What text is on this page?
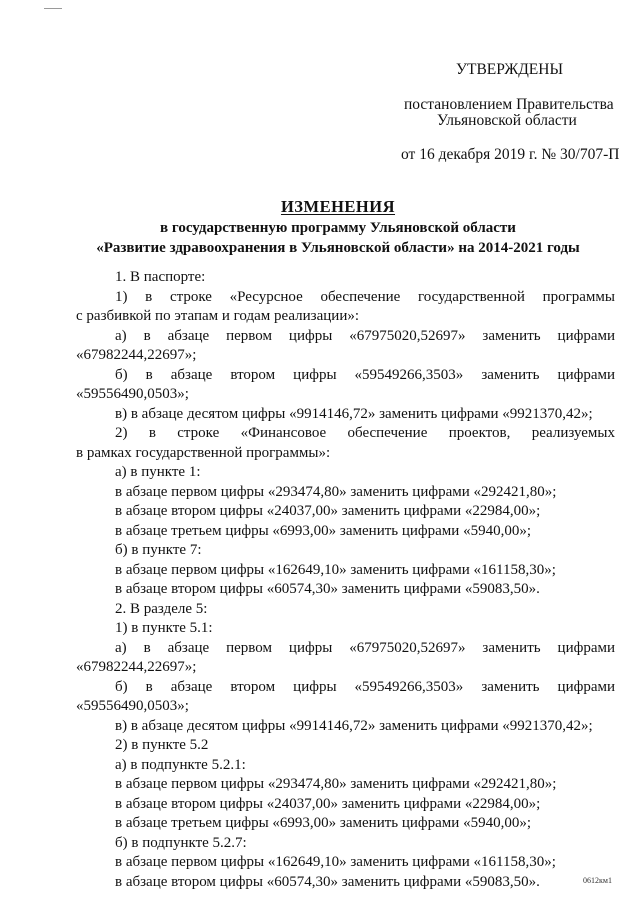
УТВЕРЖДЕНЫ
постановлением Правительства
Ульяновской области
от 16 декабря 2019 г. № 30/707-П
ИЗМЕНЕНИЯ
в государственную программу Ульяновской области
«Развитие здравоохранения в Ульяновской области» на 2014-2021 годы
1. В паспорте:
1) в строке «Ресурсное обеспечение государственной программы
с разбивкой по этапам и годам реализации»:
а) в абзаце первом цифры «67975020,52697» заменить цифрами
«67982244,22697»;
б) в абзаце втором цифры «59549266,3503» заменить цифрами
«59556490,0503»;
в) в абзаце десятом цифры «9914146,72» заменить цифрами «9921370,42»;
2) в строке «Финансовое обеспечение проектов, реализуемых
в рамках государственной программы»:
а) в пункте 1:
в абзаце первом цифры «293474,80» заменить цифрами «292421,80»;
в абзаце втором цифры «24037,00» заменить цифрами «22984,00»;
в абзаце третьем цифры «6993,00» заменить цифрами «5940,00»;
б) в пункте 7:
в абзаце первом цифры «162649,10» заменить цифрами «161158,30»;
в абзаце втором цифры «60574,30» заменить цифрами «59083,50».
2. В разделе 5:
1) в пункте 5.1:
а) в абзаце первом цифры «67975020,52697» заменить цифрами
«67982244,22697»;
б) в абзаце втором цифры «59549266,3503» заменить цифрами
«59556490,0503»;
в) в абзаце десятом цифры «9914146,72» заменить цифрами «9921370,42»;
2) в пункте 5.2
а) в подпункте 5.2.1:
в абзаце первом цифры «293474,80» заменить цифрами «292421,80»;
в абзаце втором цифры «24037,00» заменить цифрами «22984,00»;
в абзаце третьем цифры «6993,00» заменить цифрами «5940,00»;
б) в подпункте 5.2.7:
в абзаце первом цифры «162649,10» заменить цифрами «161158,30»;
в абзаце втором цифры «60574,30» заменить цифрами «59083,50».	0612км1
